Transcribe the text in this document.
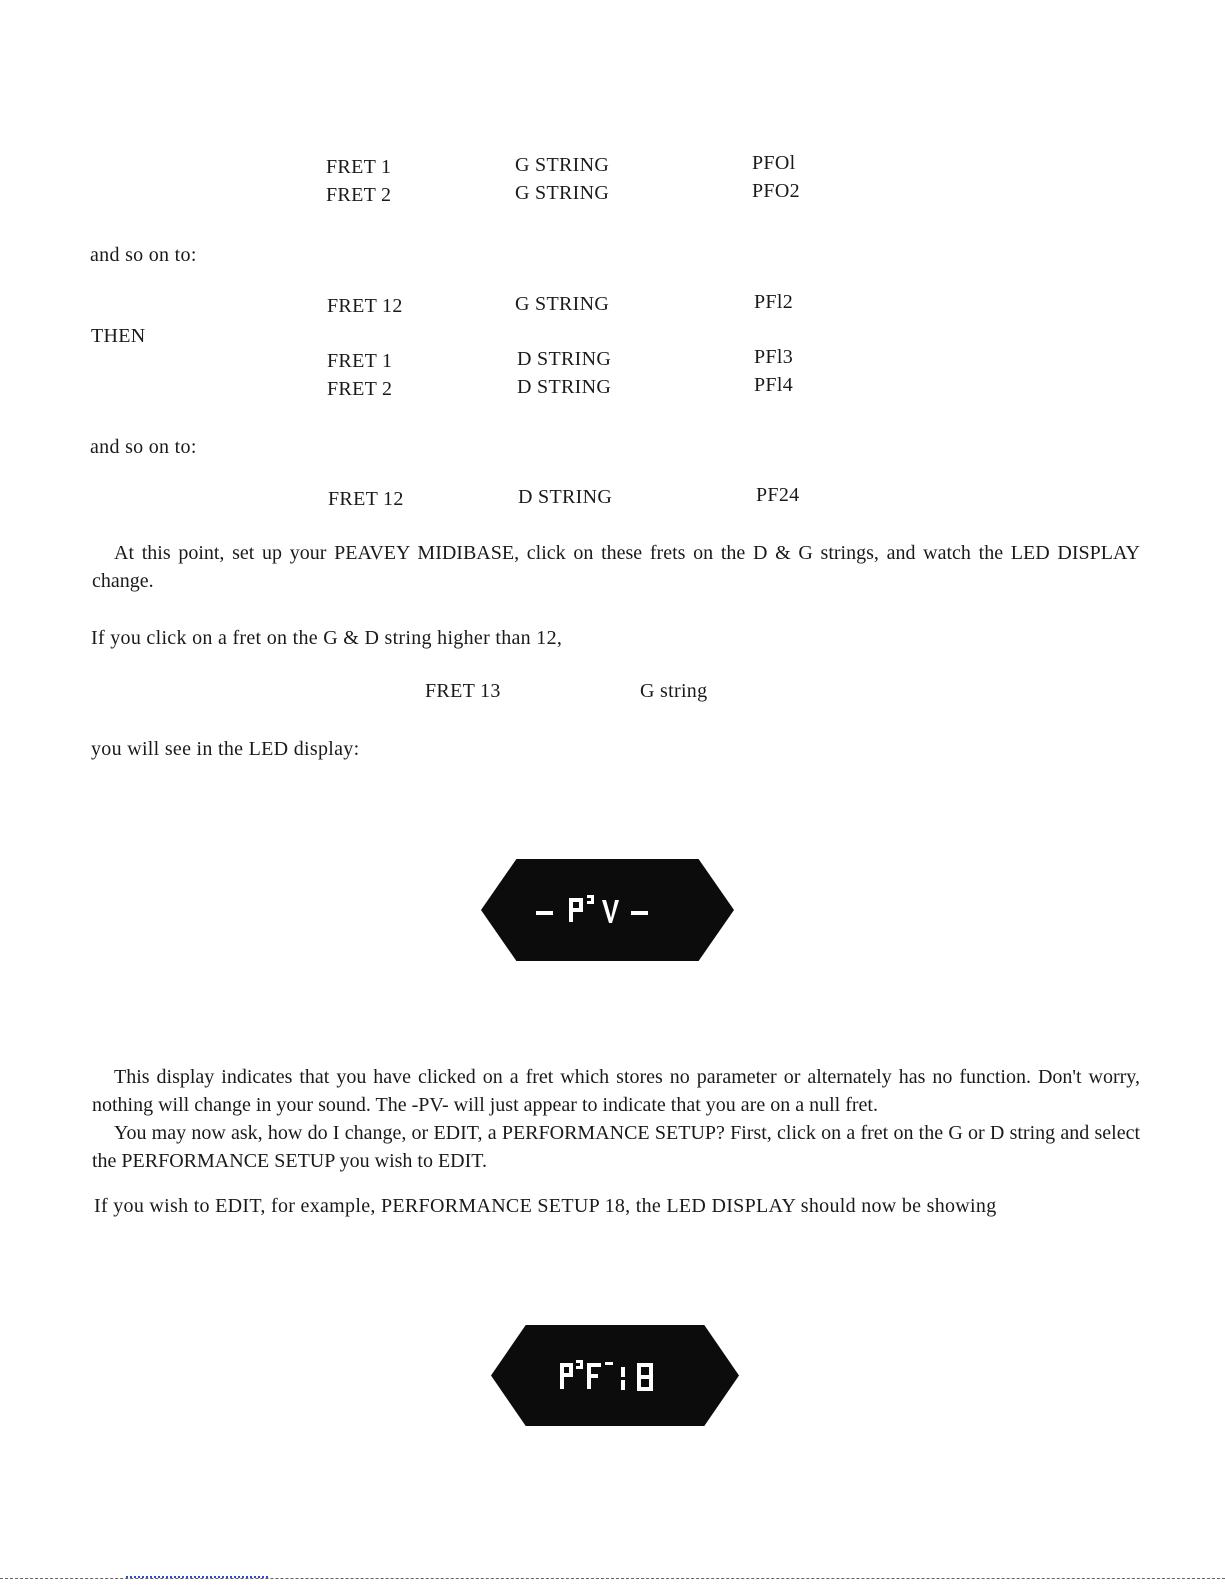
FRET 1	G STRING	PFOl
FRET 2	G STRING	PFO2
and so on to:
FRET 12	G STRING	PFl2
THEN
FRET 1	D STRING	PFl3
FRET 2	D STRING	PFl4
and so on to:
FRET 12	D STRING	PF24
At this point, set up your PEAVEY MIDIBASE, click on these frets on the D & G strings, and watch the LED DISPLAY change.
If you click on a fret on the G & D string higher than 12,
FRET 13	G string
you will see in the LED display:
This display indicates that you have clicked on a fret which stores no parameter or alternately has no function. Don't worry, nothing will change in your sound. The -PV- will just appear to indicate that you are on a null fret.
You may now ask, how do I change, or EDIT, a PERFORMANCE SETUP? First, click on a fret on the G or D string and select the PERFORMANCE SETUP you wish to EDIT.
If you wish to EDIT, for example, PERFORMANCE SETUP 18, the LED DISPLAY should now be showing
